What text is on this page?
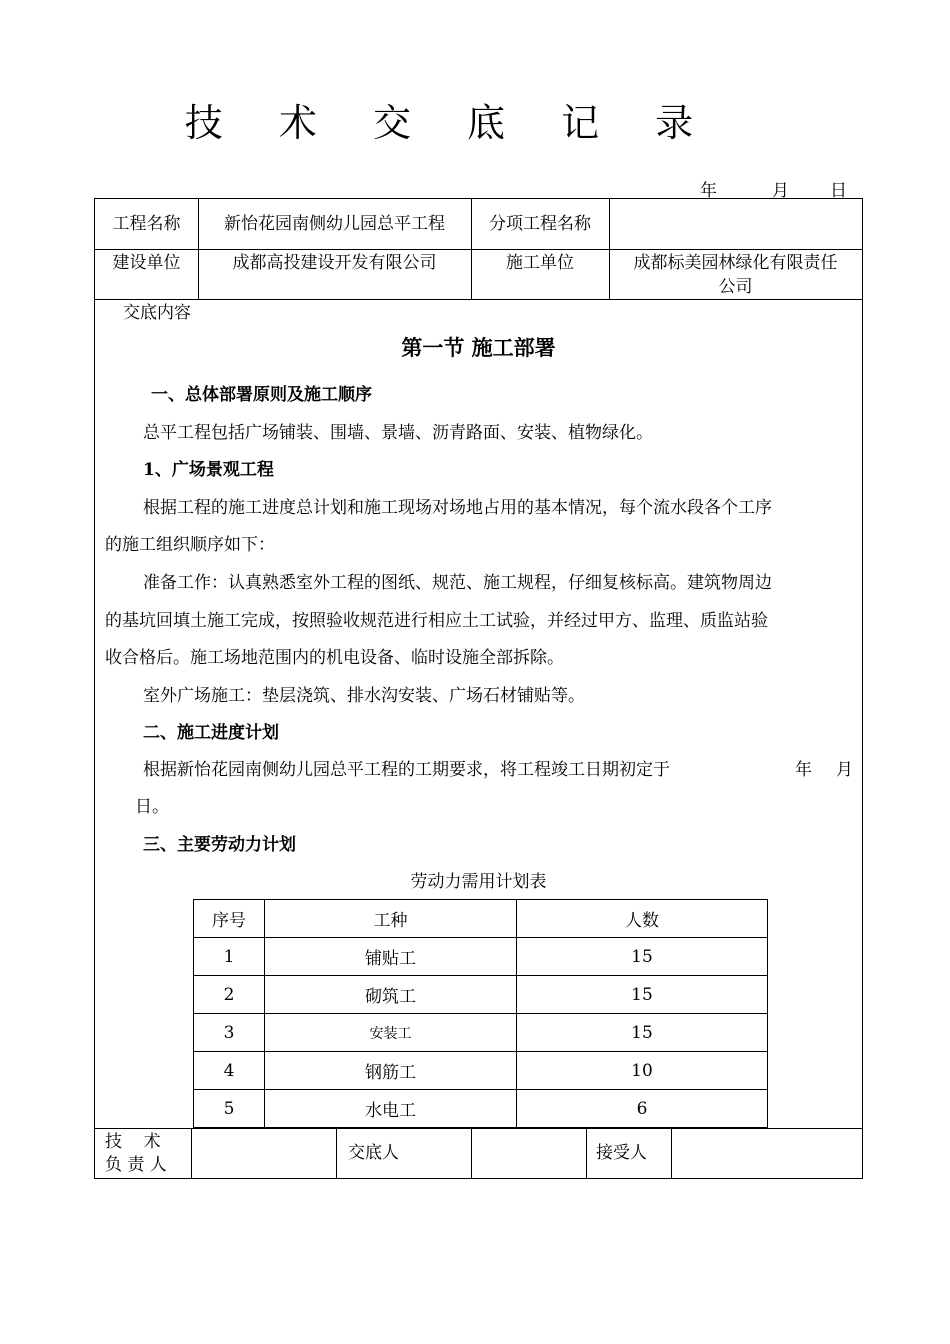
技 术 交 底 记 录
年	月 日
工程名称	新怡花园南侧幼儿园总平工程	分项工程名称
建设单位	成都高投建设开发有限公司	施工单位	成都标美园林绿化有限责任
公司
交底内容
第一节 施工部署
一、总体部署原则及施工顺序
总平工程包括广场铺装、围墙、景墙、沥青路面、安装、植物绿化。
1、广场景观工程
根据工程的施工进度总计划和施工现场对场地占用的基本情况，每个流水段各个工序
的施工组织顺序如下：
准备工作：认真熟悉室外工程的图纸、规范、施工规程，仔细复核标高。建筑物周边
的基坑回填土施工完成，按照验收规范进行相应土工试验，并经过甲方、监理、质监站验
收合格后。施工场地范围内的机电设备、临时设施全部拆除。
室外广场施工：垫层浇筑、排水沟安装、广场石材铺贴等。
二、施工进度计划
根据新怡花园南侧幼儿园总平工程的工期要求，将工程竣工日期初定于	年 月
日。
三、主要劳动力计划
劳动力需用计划表
序号	工种	人数
1	铺贴工	15
2	砌筑工	15
3	安装工	15
4	钢筋工	10
5	水电工	6
技    术
负 责 人
交底人	接受人
